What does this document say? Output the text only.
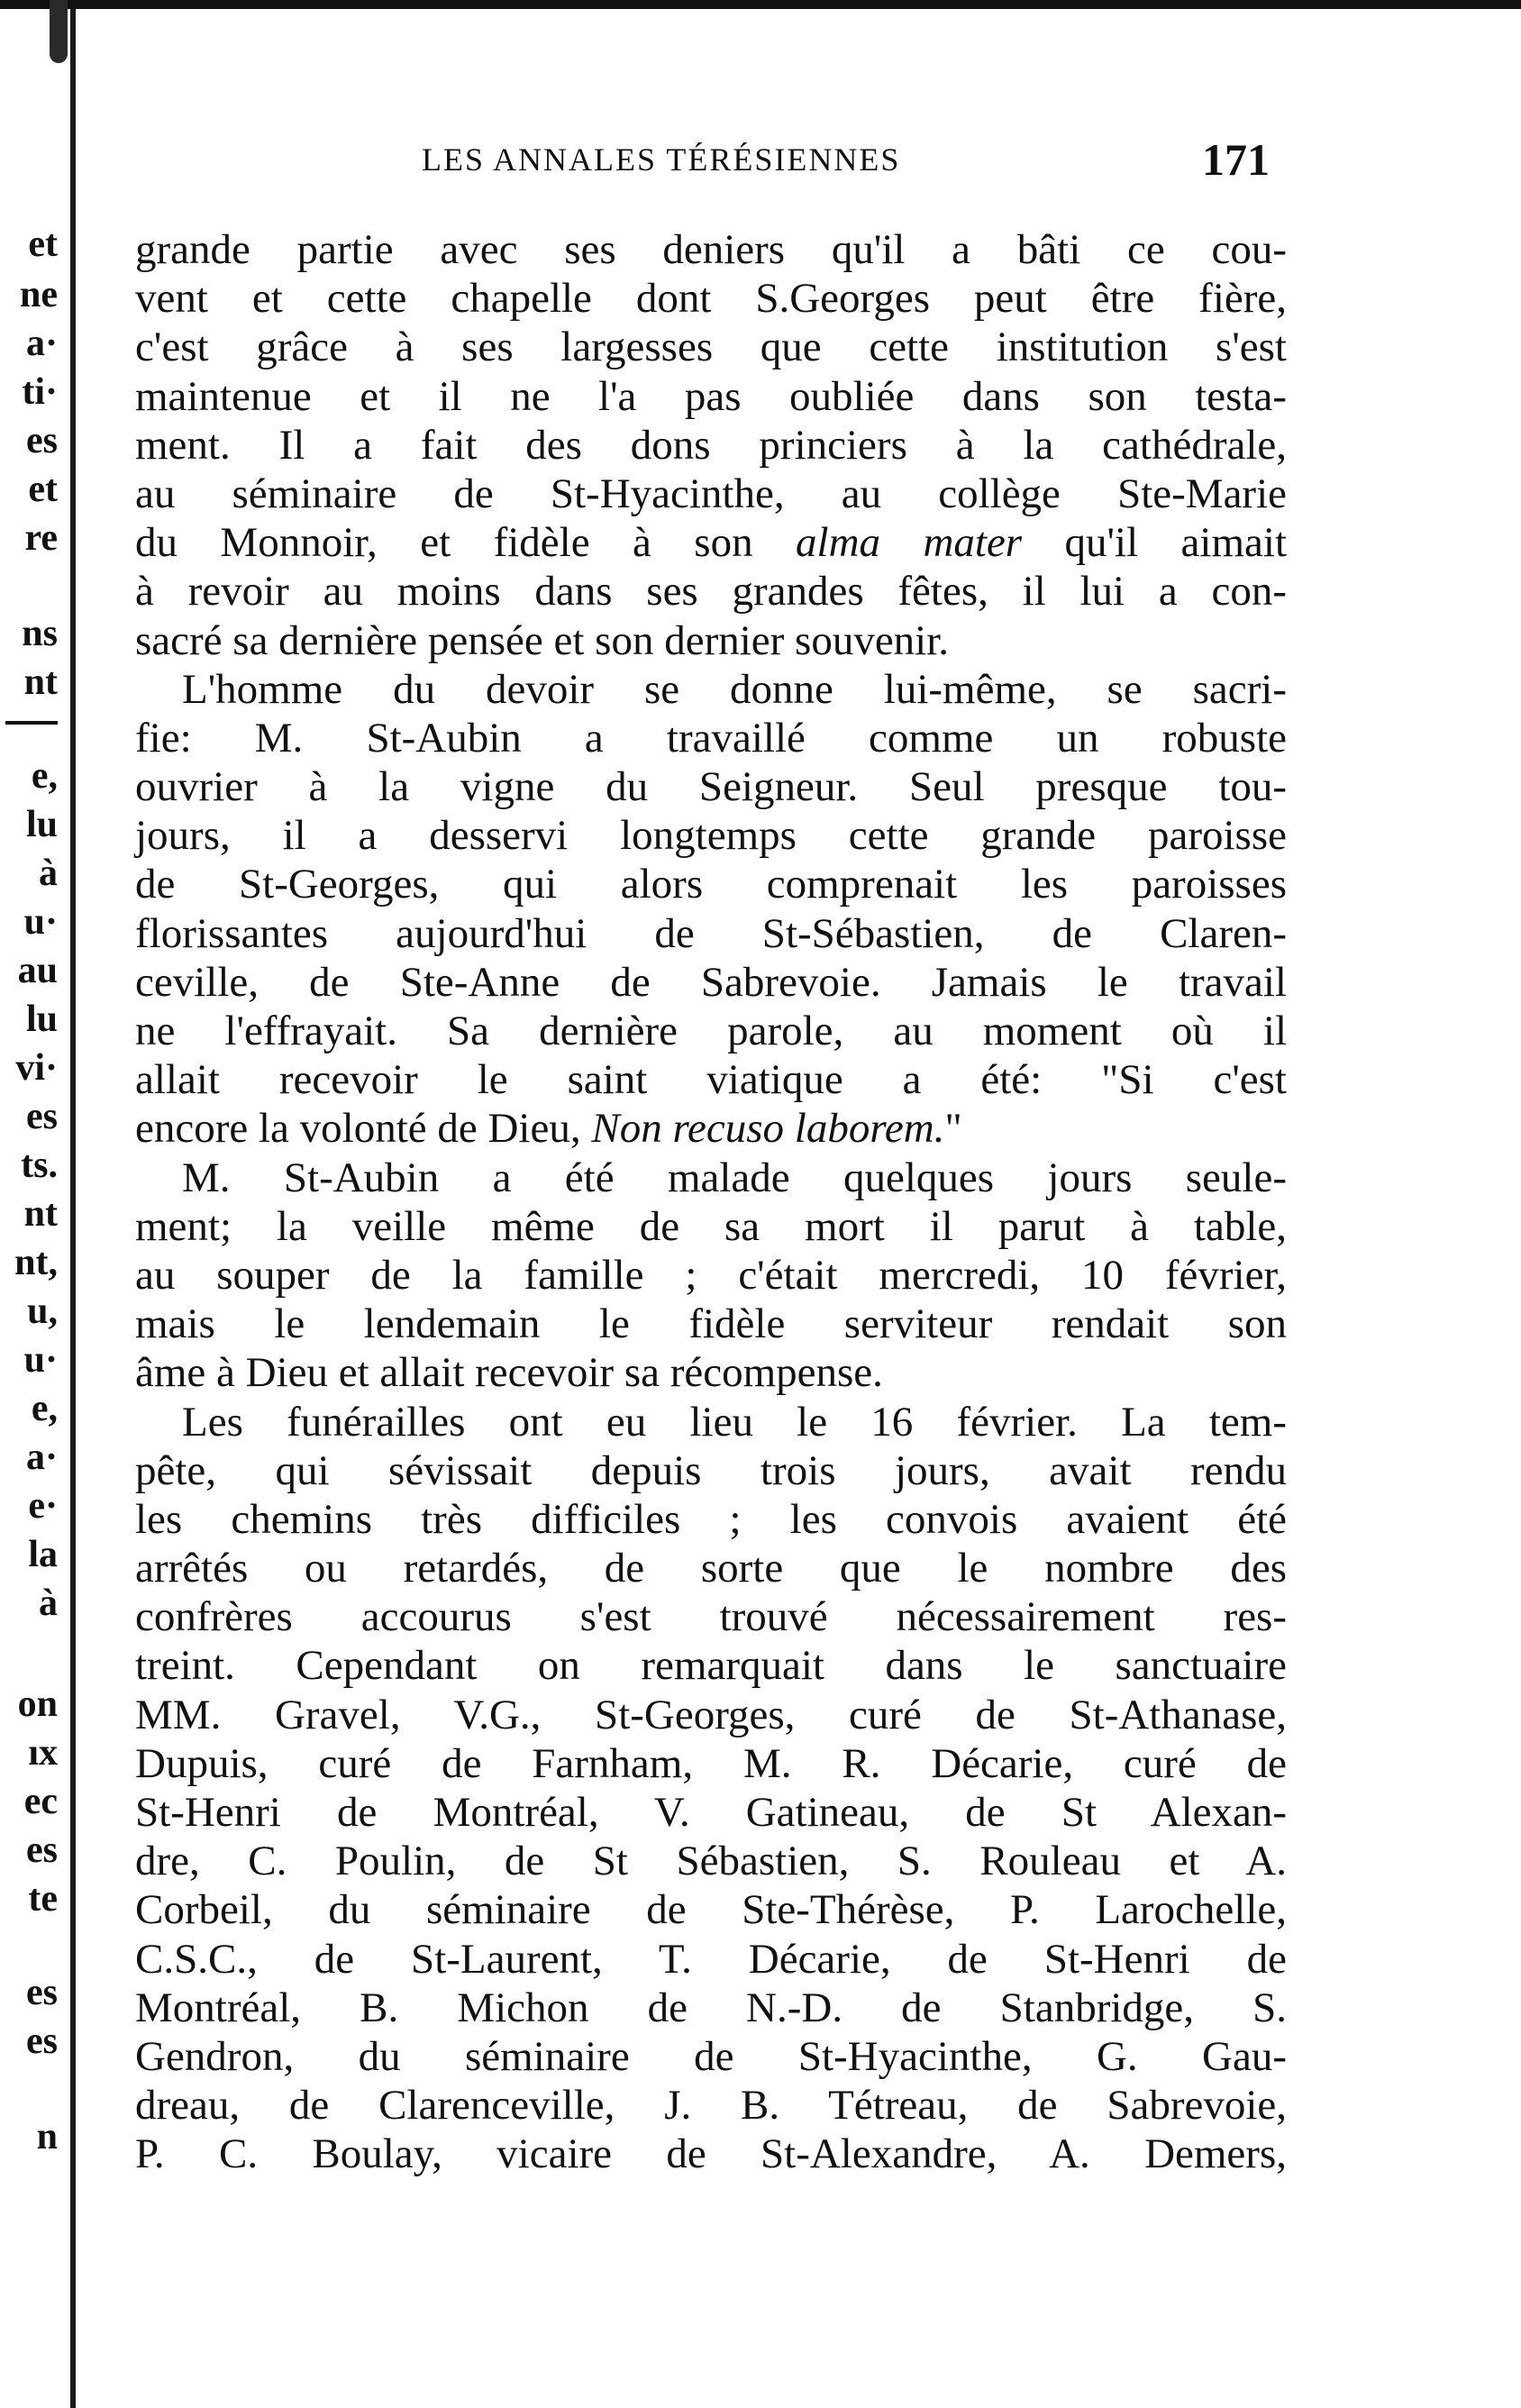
et
ne
a·
ti·
es
et
re
ns
nt
e,
lu
à
u·
au
lu
vi·
es
ts.
nt
nt,
u,
u·
e,
a·
e·
la
à
on
ıx
ec
es
te
es
es
n
LES ANNALES TÉRÉSIENNES	171
grande partie avec ses deniers qu'il a bâti ce cou-
vent et cette chapelle dont S.Georges peut être fière,
c'est grâce à ses largesses que cette institution s'est
maintenue et il ne l'a pas oubliée dans son testa-
ment. Il a fait des dons princiers à la cathédrale,
au séminaire de St-Hyacinthe, au collège Ste-Marie
du Monnoir, et fidèle à son alma mater qu'il aimait
à revoir au moins dans ses grandes fêtes, il lui a con-
sacré sa dernière pensée et son dernier souvenir.
L'homme du devoir se donne lui-même, se sacri-
fie: M. St-Aubin a travaillé comme un robuste
ouvrier à la vigne du Seigneur. Seul presque tou-
jours, il a desservi longtemps cette grande paroisse
de St-Georges, qui alors comprenait les paroisses
florissantes aujourd'hui de St-Sébastien, de Claren-
ceville, de Ste-Anne de Sabrevoie. Jamais le travail
ne l'effrayait. Sa dernière parole, au moment où il
allait recevoir le saint viatique a été: "Si c'est
encore la volonté de Dieu, Non recuso laborem."
M. St-Aubin a été malade quelques jours seule-
ment; la veille même de sa mort il parut à table,
au souper de la famille ; c'était mercredi, 10 février,
mais le lendemain le fidèle serviteur rendait son
âme à Dieu et allait recevoir sa récompense.
Les funérailles ont eu lieu le 16 février. La tem-
pête, qui sévissait depuis trois jours, avait rendu
les chemins très difficiles ; les convois avaient été
arrêtés ou retardés, de sorte que le nombre des
confrères accourus s'est trouvé nécessairement res-
treint. Cependant on remarquait dans le sanctuaire
MM. Gravel, V.G., St-Georges, curé de St-Athanase,
Dupuis, curé de Farnham, M. R. Décarie, curé de
St-Henri de Montréal, V. Gatineau, de St Alexan-
dre, C. Poulin, de St Sébastien, S. Rouleau et A.
Corbeil, du séminaire de Ste-Thérèse, P. Larochelle,
C.S.C., de St-Laurent, T. Décarie, de St-Henri de
Montréal, B. Michon de N.-D. de Stanbridge, S.
Gendron, du séminaire de St-Hyacinthe, G. Gau-
dreau, de Clarenceville, J. B. Tétreau, de Sabrevoie,
P. C. Boulay, vicaire de St-Alexandre, A. Demers,
